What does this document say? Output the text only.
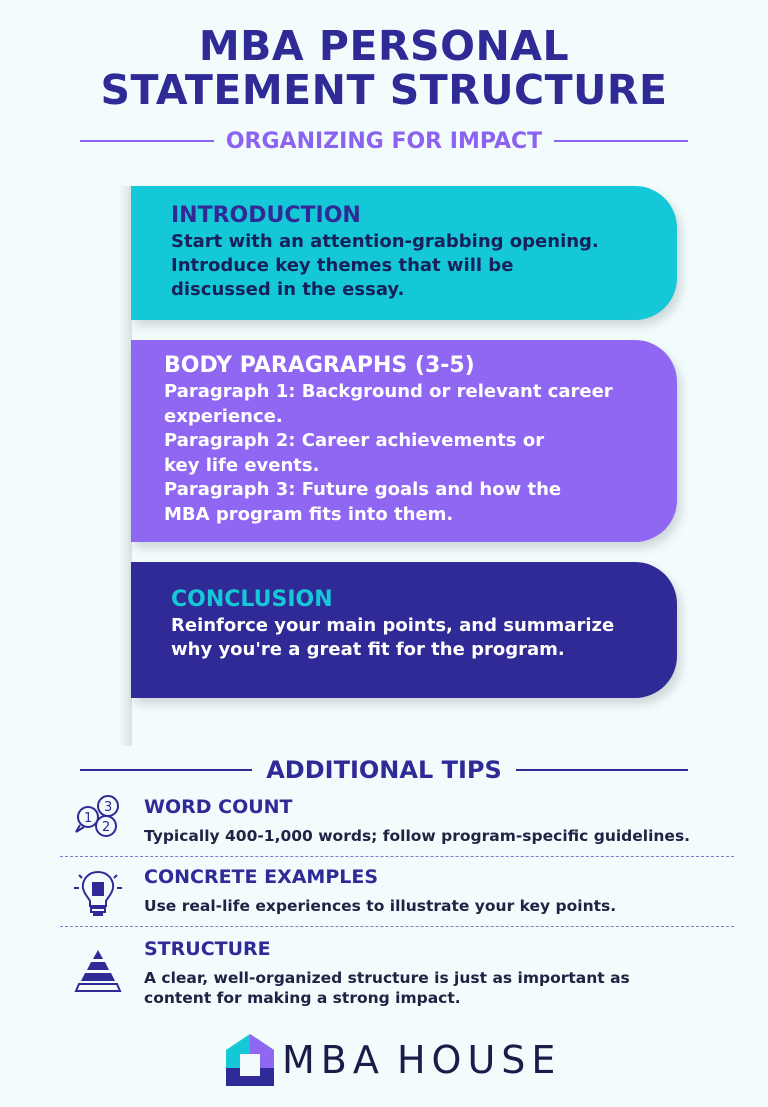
MBA PERSONAL
STATEMENT STRUCTURE
ORGANIZING FOR IMPACT
INTRODUCTION

Start with an attention-grabbing opening.

Introduce key themes that will be

discussed in the essay.

BODY PARAGRAPHS (3-5)

Paragraph 1: Background or relevant career

experience.

Paragraph 2: Career achievements or

key life events.

Paragraph 3: Future goals and how the

MBA program fits into them.

CONCLUSION

Reinforce your main points, and summarize

why you're a great fit for the program.

ADDITIONAL TIPS
3
2
1
WORD COUNT

Typically 400-1,000 words; follow program-specific guidelines.

CONCRETE EXAMPLES

Use real-life experiences to illustrate your key points.

STRUCTURE

A clear, well-organized structure is just as important as

content for making a strong impact.

MBA HOUSE
